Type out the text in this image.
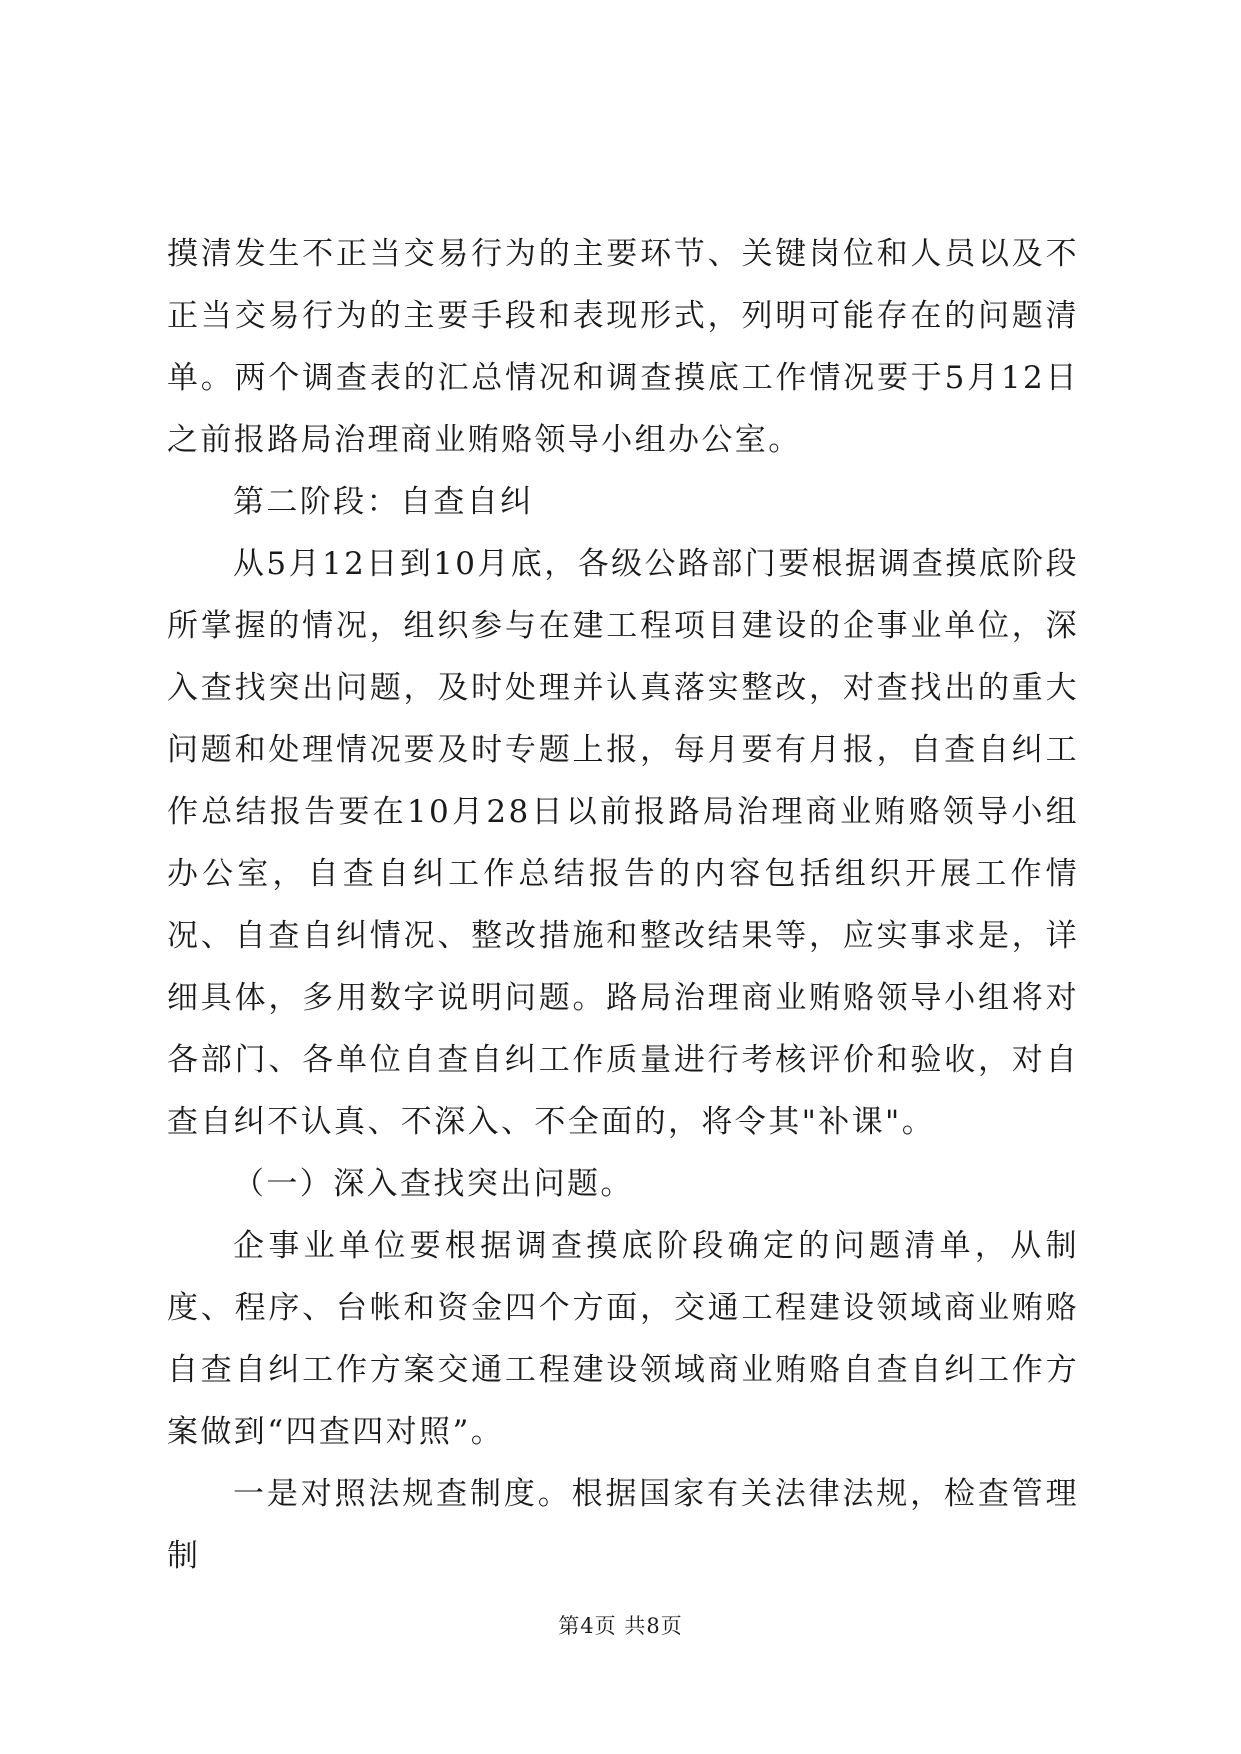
摸清发生不正当交易行为的主要环节、关键岗位和人员以及不正当交易行为的主要手段和表现形式，列明可能存在的问题清单。两个调查表的汇总情况和调查摸底工作情况要于5月12日之前报路局治理商业贿赂领导小组办公室。

第二阶段：自查自纠

从5月12日到10月底，各级公路部门要根据调查摸底阶段所掌握的情况，组织参与在建工程项目建设的企事业单位，深入查找突出问题，及时处理并认真落实整改，对查找出的重大问题和处理情况要及时专题上报，每月要有月报，自查自纠工作总结报告要在10月28日以前报路局治理商业贿赂领导小组办公室，自查自纠工作总结报告的内容包括组织开展工作情况、自查自纠情况、整改措施和整改结果等，应实事求是，详细具体，多用数字说明问题。路局治理商业贿赂领导小组将对各部门、各单位自查自纠工作质量进行考核评价和验收，对自查自纠不认真、不深入、不全面的，将令其"补课"。

（一）深入查找突出问题。

企事业单位要根据调查摸底阶段确定的问题清单，从制度、程序、台帐和资金四个方面，交通工程建设领域商业贿赂自查自纠工作方案交通工程建设领域商业贿赂自查自纠工作方案做到“四查四对照”。

一是对照法规查制度。根据国家有关法律法规，检查管理制

第4页 共8页
